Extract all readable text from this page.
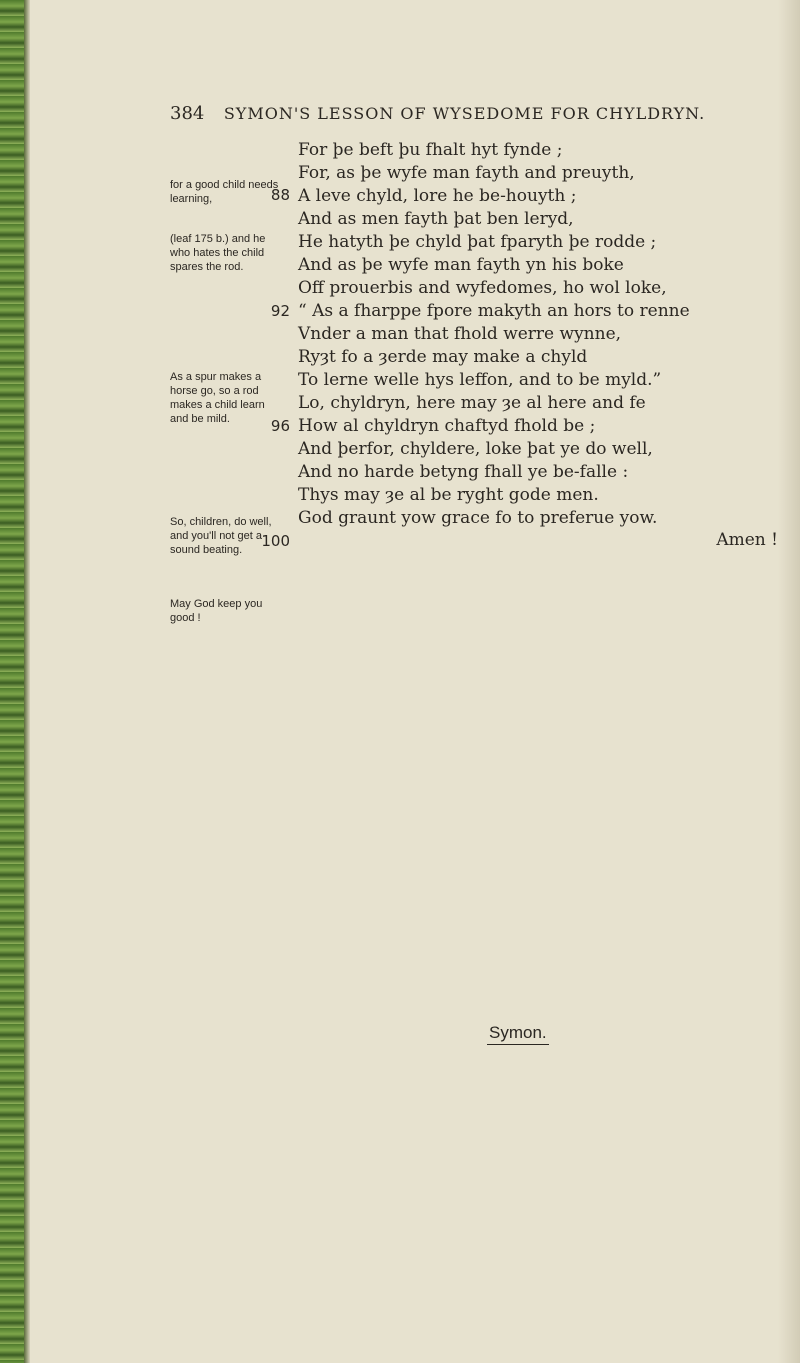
384 SYMON'S LESSON OF WYSEDOME FOR CHYLDRYN.
for a good child needs learning,
(leaf 175 b.) and he who hates the child spares the rod.
As a spur makes a horse go, so a rod makes a child learn and be mild.
So, children, do well, and you'll not get a sound beating.
May God keep you good !
88
92
96
100
For þe beft þu fhalt hyt fynde ;
For, as þe wyfe man fayth and preuyth,
A leve chyld, lore he be-houyth ;
And as men fayth þat ben leryd,
He hatyth þe chyld þat fparyth þe rodde ;
And as þe wyfe man fayth yn his boke
Off prouerbis and wyfedomes, ho wol loke,
“ As a fharppe fpore makyth an hors to renne
Vnder a man that fhold werre wynne,
Ryȝt fo a ȝerde may make a chyld
To lerne welle hys leffon, and to be myld.”
Lo, chyldryn, here may ȝe al here and fe
How al chyldryn chaftyd fhold be ;
And þerfor, chyldere, loke þat ye do well,
And no harde betyng fhall ye be-falle :
Thys may ȝe al be ryght gode men.
God graunt yow grace fo to preferue yow.
Amen !
Symon.
